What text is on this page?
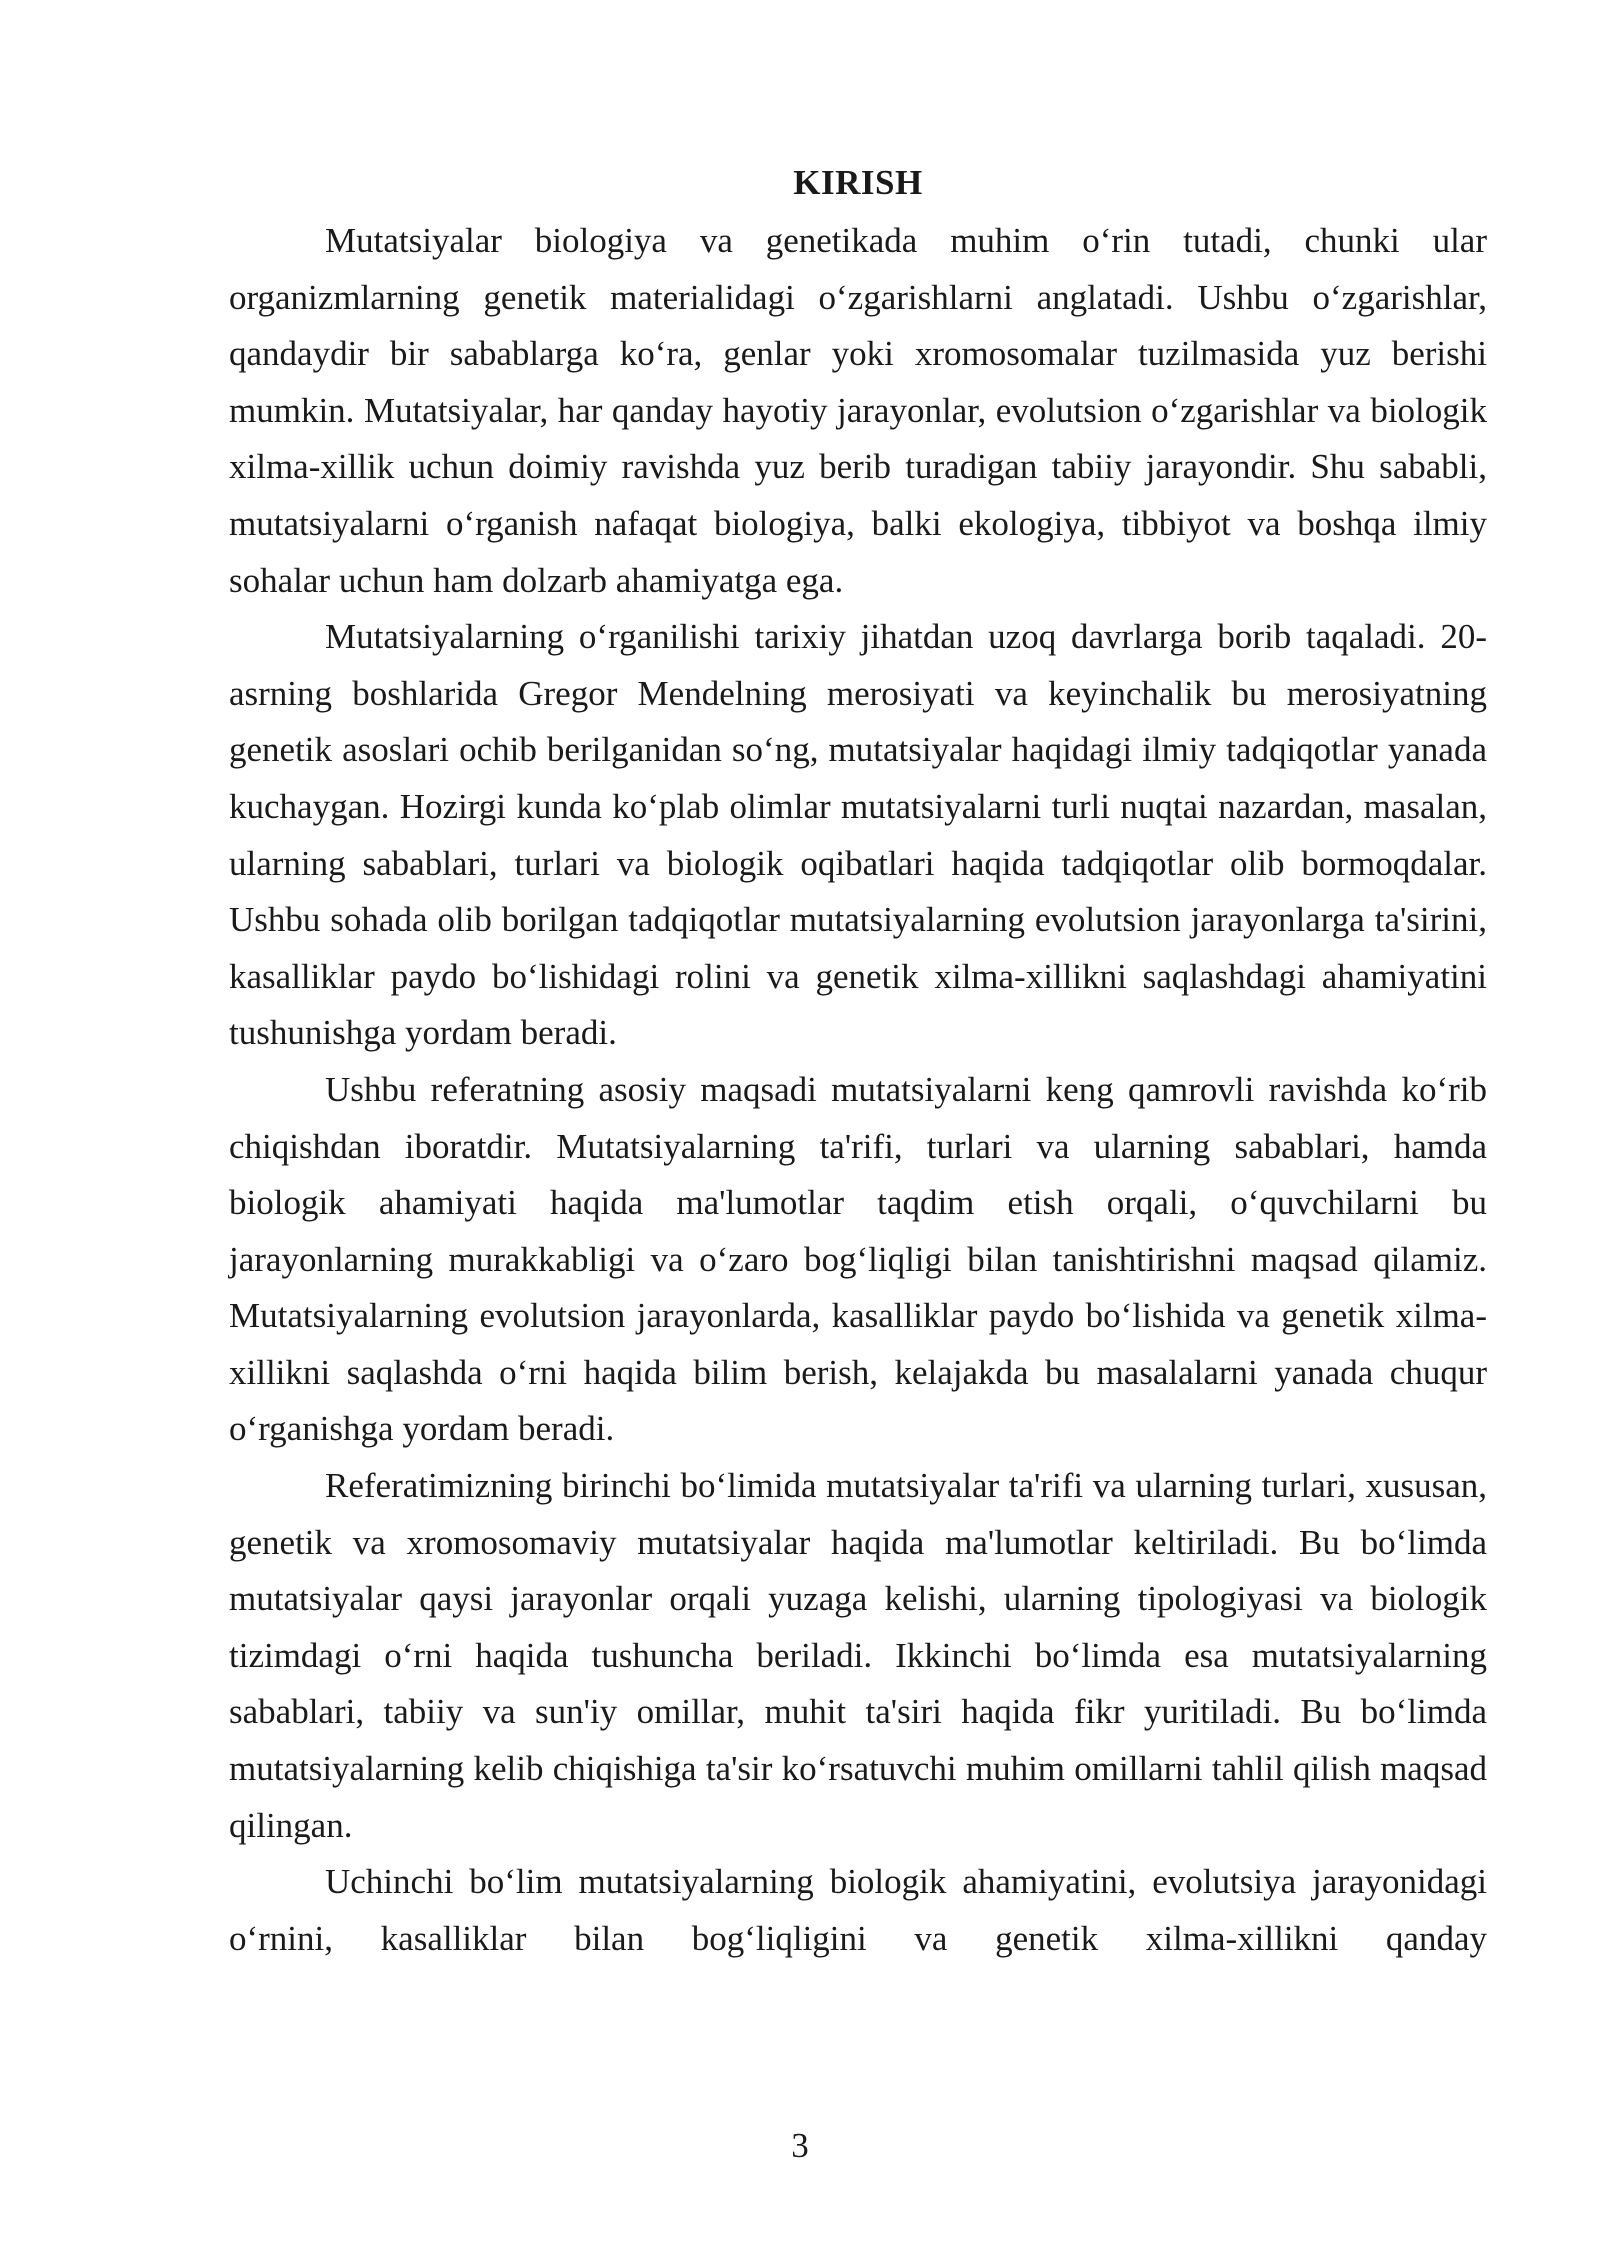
KIRISH

Mutatsiyalar biologiya va genetikada muhim o‘rin tutadi, chunki ular organizmlarning genetik materialidagi o‘zgarishlarni anglatadi. Ushbu o‘zgarishlar, qandaydir bir sabablarga ko‘ra, genlar yoki xromosomalar tuzilmasida yuz berishi mumkin. Mutatsiyalar, har qanday hayotiy jarayonlar, evolutsion o‘zgarishlar va biologik xilma-xillik uchun doimiy ravishda yuz berib turadigan tabiiy jarayondir. Shu sababli, mutatsiyalarni o‘rganish nafaqat biologiya, balki ekologiya, tibbiyot va boshqa ilmiy sohalar uchun ham dolzarb ahamiyatga ega.

Mutatsiyalarning o‘rganilishi tarixiy jihatdan uzoq davrlarga borib taqaladi. 20-asrning boshlarida Gregor Mendelning merosiyati va keyinchalik bu merosiyatning genetik asoslari ochib berilganidan so‘ng, mutatsiyalar haqidagi ilmiy tadqiqotlar yanada kuchaygan. Hozirgi kunda ko‘plab olimlar mutatsiyalarni turli nuqtai nazardan, masalan, ularning sabablari, turlari va biologik oqibatlari haqida tadqiqotlar olib bormoqdalar. Ushbu sohada olib borilgan tadqiqotlar mutatsiyalarning evolutsion jarayonlarga ta'sirini, kasalliklar paydo bo‘lishidagi rolini va genetik xilma-xillikni saqlashdagi ahamiyatini tushunishga yordam beradi.

Ushbu referatning asosiy maqsadi mutatsiyalarni keng qamrovli ravishda ko‘rib chiqishdan iboratdir. Mutatsiyalarning ta'rifi, turlari va ularning sabablari, hamda biologik ahamiyati haqida ma'lumotlar taqdim etish orqali, o‘quvchilarni bu jarayonlarning murakkabligi va o‘zaro bog‘liqligi bilan tanishtirishni maqsad qilamiz. Mutatsiyalarning evolutsion jarayonlarda, kasalliklar paydo bo‘lishida va genetik xilma-xillikni saqlashda o‘rni haqida bilim berish, kelajakda bu masalalarni yanada chuqur o‘rganishga yordam beradi.

Referatimizning birinchi bo‘limida mutatsiyalar ta'rifi va ularning turlari, xususan, genetik va xromosomaviy mutatsiyalar haqida ma'lumotlar keltiriladi. Bu bo‘limda mutatsiyalar qaysi jarayonlar orqali yuzaga kelishi, ularning tipologiyasi va biologik tizimdagi o‘rni haqida tushuncha beriladi. Ikkinchi bo‘limda esa mutatsiyalarning sabablari, tabiiy va sun'iy omillar, muhit ta'siri haqida fikr yuritiladi. Bu bo‘limda mutatsiyalarning kelib chiqishiga ta'sir ko‘rsatuvchi muhim omillarni tahlil qilish maqsad qilingan.

Uchinchi bo‘lim mutatsiyalarning biologik ahamiyatini, evolutsiya jarayonidagi o‘rnini, kasalliklar bilan bog‘liqligini va genetik xilma-xillikni qanday

3
